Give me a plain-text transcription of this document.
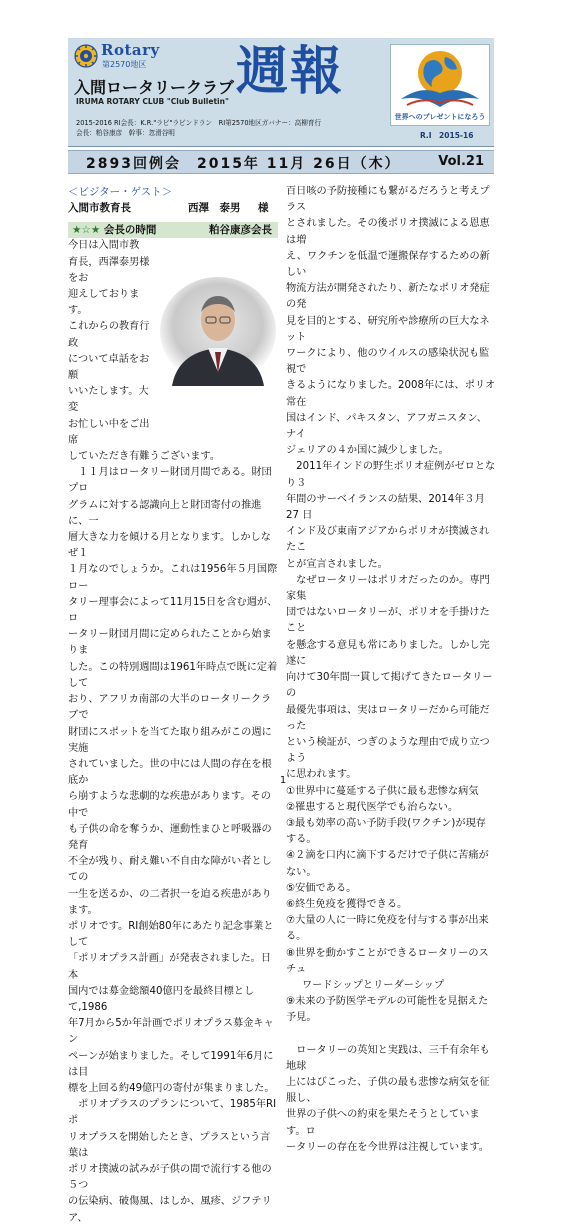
Rotary
第2570地区
入間ロータリークラブ
IRUMA ROTARY CLUB "Club Bulletin" 週報
2015-2016 RI会長：K.R."ラビ"ラビンドラン　RI第2570地区ガバナー：高柳育行
会長：粕谷康彦　幹事：忽滑谷明
世界へのプレゼントになろう
R.I　2015-16
2893回例会　2015年 11月 26日（木）	Vol.21

＜ビジター・ゲスト＞

入間市教育長	西澤　泰男 様

★☆★ 会長の時間	粕谷康彦会長

今日は入間市教

育長，西澤泰男様をお

迎えしております。

これからの教育行政

について卓話をお願

いいたします。大変

お忙しい中をご出席

していただき有難うございます。

　１１月はロータリー財団月間である。財団プロ

グラムに対する認識向上と財団寄付の推進に、一

層大きな力を傾ける月となります。しかしなぜ１

１月なのでしょうか。これは1956年５月国際ロー

タリー理事会によって11月15日を含む週が、ロ

ータリー財団月間に定められたことから始まりま

した。この特別週間は1961年時点で既に定着して

おり、アフリカ南部の大半のロータリークラブで

財団にスポットを当てた取り組みがこの週に実施

されていました。世の中には人間の存在を根底か

ら崩すような悲劇的な疾患があります。その中で

も子供の命を奪うか、運動性まひと呼吸器の発育

不全が残り、耐え難い不自由な障がい者としての

一生を送るか、の二者択一を迫る疾患があります。

ポリオです。RI創始80年にあたり記念事業として

「ポリオプラス計画」が発表されました。日本

国内では募金総額40億円を最終目標として,1986

年7月から5か年計画でポリオプラス募金キャン

ペーンが始まりました。そして1991年6月には目

標を上回る約49億円の寄付が集まりました。

　ポリオプラスのプランについて、1985年RIポ

リオプラスを開始したとき、プラスという言葉は

ポリオ撲滅の試みが子供の間で流行する他の５つ

の伝染病、破傷風、はしか、風疹、ジフテリア、

百日咳の予防接種にも繋がるだろうと考えプラス

とされました。その後ポリオ撲滅による恩恵は増

え、ワクチンを低温で運搬保存するための新しい

物流方法が開発されたり、新たなポリオ発症の発

見を目的とする、研究所や診療所の巨大なネット

ワークにより、他のウイルスの感染状況も監視で

きるようになりました。2008年には、ポリオ常在

国はインド、パキスタン、アフガニスタン、ナイ

ジェリアの４か国に減少しました。

　2011年インドの野生ポリオ症例がゼロとなり３

年間のサーベイランスの結果、2014年３月 27 日

インド及び東南アジアからポリオが撲滅されたこ

とが宣言されました。

　なぜロータリーはポリオだったのか。専門家集

団ではないロータリーが、ポリオを手掛けたこと

を懸念する意見も常にありました。しかし完遂に

向けて30年間一貫して掲げてきたロータリーの

最優先事項は、実はロータリーだから可能だった

という検証が、つぎのような理由で成り立つよう

に思われます。

①世界中に蔓延する子供に最も悲惨な病気

②罹患すると現代医学でも治らない。

③最も効率の高い予防手段(ワクチン)が現存する。

④２滴を口内に滴下するだけで子供に苦痛がない。

⑤安価である。

⑥終生免疫を獲得できる。

⑦大量の人に一時に免疫を付与する事が出来る。

⑧世界を動かすことができるロータリーのスチュ

ワードシップとリーダーシップ

⑨未来の予防医学モデルの可能性を見据えた予見。

　ロータリーの英知と実践は、三千有余年も地球

上にはびこった、子供の最も悲惨な病気を征服し、

世界の子供への約束を果たそうとしています。ロ

ータリーの存在を今世界は注視しています。

1
